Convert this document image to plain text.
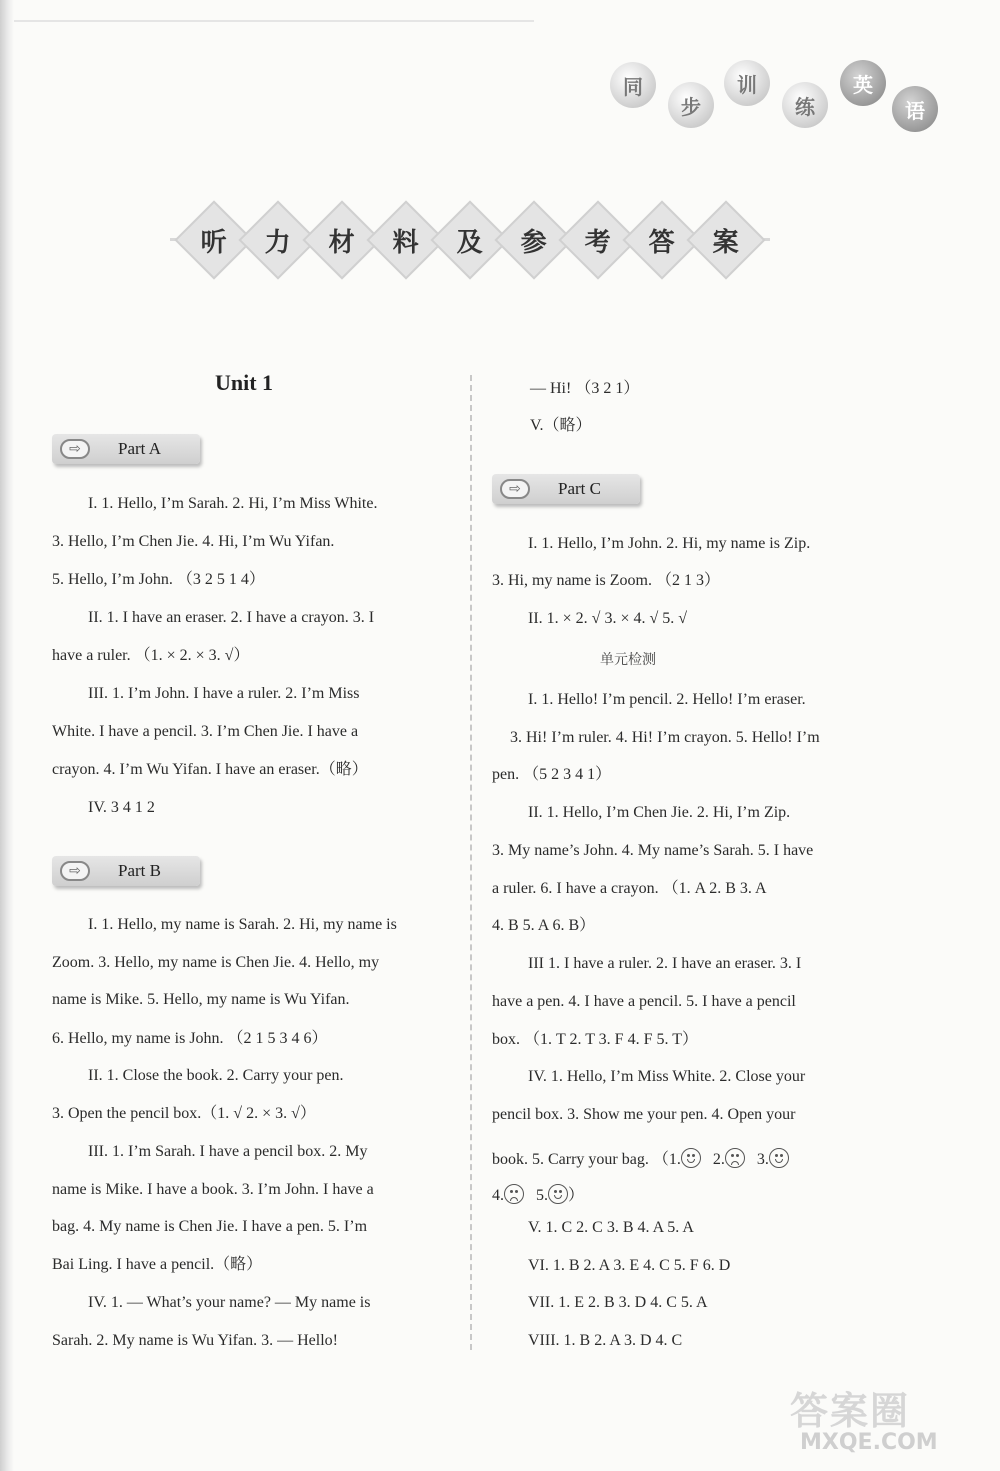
同
步
训
练
英
语
听 力 材 料 及 参 考 答 案
Unit 1
⇨	Part A
⇨	Part B
⇨	Part C
I. 1. Hello, I’m Sarah. 2. Hi, I’m Miss White.
3. Hello, I’m Chen Jie. 4. Hi, I’m Wu Yifan.
5. Hello, I’m John. （3 2 5 1 4）
II. 1. I have an eraser. 2. I have a crayon. 3. I
have a ruler. （1. × 2. × 3. √）
III. 1. I’m John. I have a ruler. 2. I’m Miss
White. I have a pencil. 3. I’m Chen Jie. I have a
crayon. 4. I’m Wu Yifan. I have an eraser.（略）
IV. 3 4 1 2
I. 1. Hello, my name is Sarah. 2. Hi, my name is
Zoom. 3. Hello, my name is Chen Jie. 4. Hello, my
name is Mike. 5. Hello, my name is Wu Yifan.
6. Hello, my name is John. （2 1 5 3 4 6）
II. 1. Close the book. 2. Carry your pen.
3. Open the pencil box.（1. √ 2. × 3. √）
III. 1. I’m Sarah. I have a pencil box. 2. My
name is Mike. I have a book. 3. I’m John. I have a
bag. 4. My name is Chen Jie. I have a pen. 5. I’m
Bai Ling. I have a pencil.（略）
IV. 1. — What’s your name? — My name is
Sarah. 2. My name is Wu Yifan. 3. — Hello!
— Hi! （3 2 1）
V.（略）
I. 1. Hello, I’m John. 2. Hi, my name is Zip.
3. Hi, my name is Zoom. （2 1 3）
II. 1. × 2. √ 3. × 4. √ 5. √
单元检测
I. 1. Hello! I’m pencil. 2. Hello! I’m eraser.
3. Hi! I’m ruler. 4. Hi! I’m crayon. 5. Hello! I’m
pen. （5 2 3 4 1）
II. 1. Hello, I’m Chen Jie. 2. Hi, I’m Zip.
3. My name’s John. 4. My name’s Sarah. 5. I have
a ruler. 6. I have a crayon. （1. A 2. B 3. A
4. B 5. A 6. B）
III 1. I have a ruler. 2. I have an eraser. 3. I
have a pen. 4. I have a pencil. 5. I have a pencil
box. （1. T 2. T 3. F 4. F 5. T）
IV. 1. Hello, I’m Miss White. 2. Close your
pencil box. 3. Show me your pen. 4. Open your
book. 5. Carry your bag. （1. 2. 3.
4. 5. ）
V. 1. C 2. C 3. B 4. A 5. A
VI. 1. B 2. A 3. E 4. C 5. F 6. D
VII. 1. E 2. B 3. D 4. C 5. A
VIII. 1. B 2. A 3. D 4. C
答案圈
MXQE.COM
